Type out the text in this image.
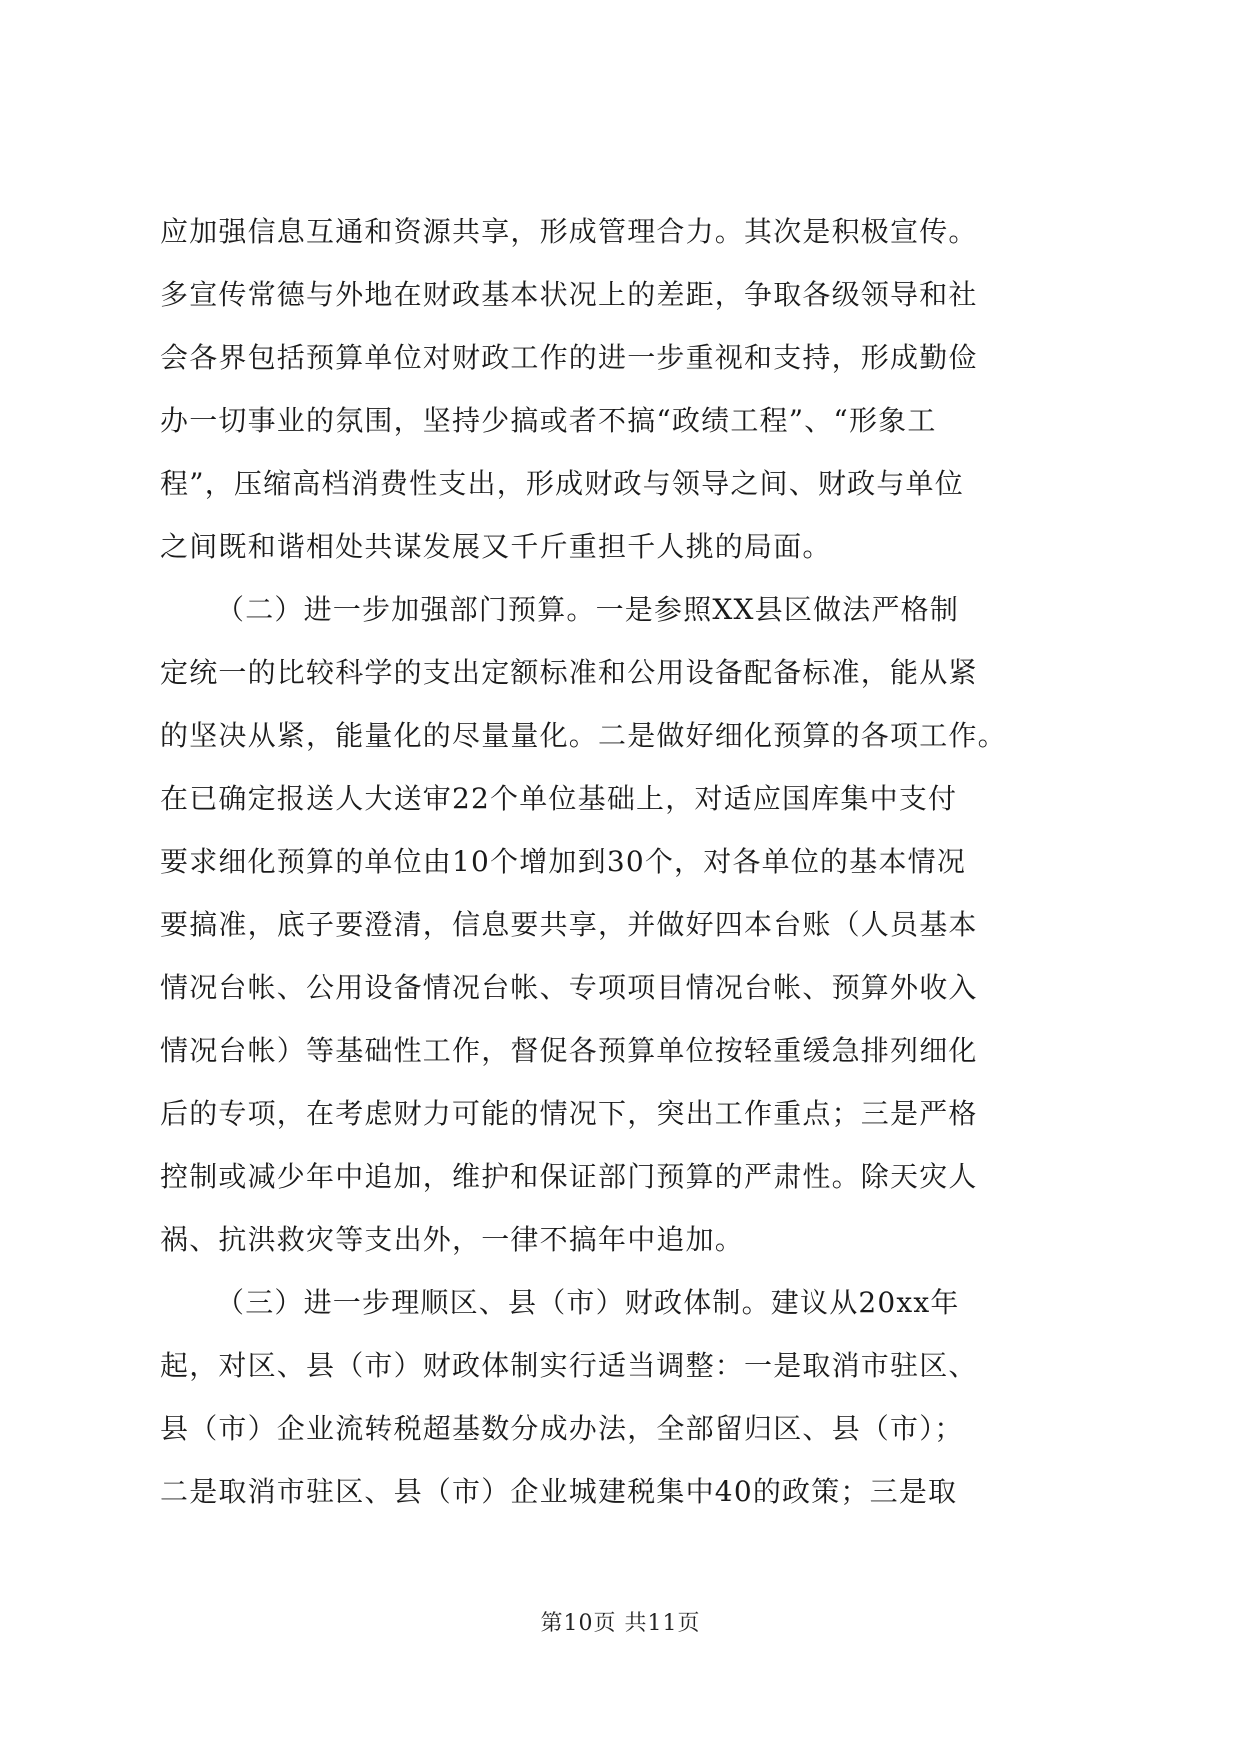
应加强信息互通和资源共享，形成管理合力。其次是积极宣传。
多宣传常德与外地在财政基本状况上的差距，争取各级领导和社
会各界包括预算单位对财政工作的进一步重视和支持，形成勤俭
办一切事业的氛围，坚持少搞或者不搞“政绩工程”、“形象工
程”，压缩高档消费性支出，形成财政与领导之间、财政与单位
之间既和谐相处共谋发展又千斤重担千人挑的局面。
（二）进一步加强部门预算。一是参照XX县区做法严格制
定统一的比较科学的支出定额标准和公用设备配备标准，能从紧
的坚决从紧，能量化的尽量量化。二是做好细化预算的各项工作。
在已确定报送人大送审22个单位基础上，对适应国库集中支付
要求细化预算的单位由10个增加到30个，对各单位的基本情况
要搞准，底子要澄清，信息要共享，并做好四本台账（人员基本
情况台帐、公用设备情况台帐、专项项目情况台帐、预算外收入
情况台帐）等基础性工作，督促各预算单位按轻重缓急排列细化
后的专项，在考虑财力可能的情况下，突出工作重点；三是严格
控制或减少年中追加，维护和保证部门预算的严肃性。除天灾人
祸、抗洪救灾等支出外，一律不搞年中追加。
（三）进一步理顺区、县（市）财政体制。建议从20xx年
起，对区、县（市）财政体制实行适当调整：一是取消市驻区、
县（市）企业流转税超基数分成办法，全部留归区、县（市）；
二是取消市驻区、县（市）企业城建税集中40的政策；三是取
第10页 共11页
